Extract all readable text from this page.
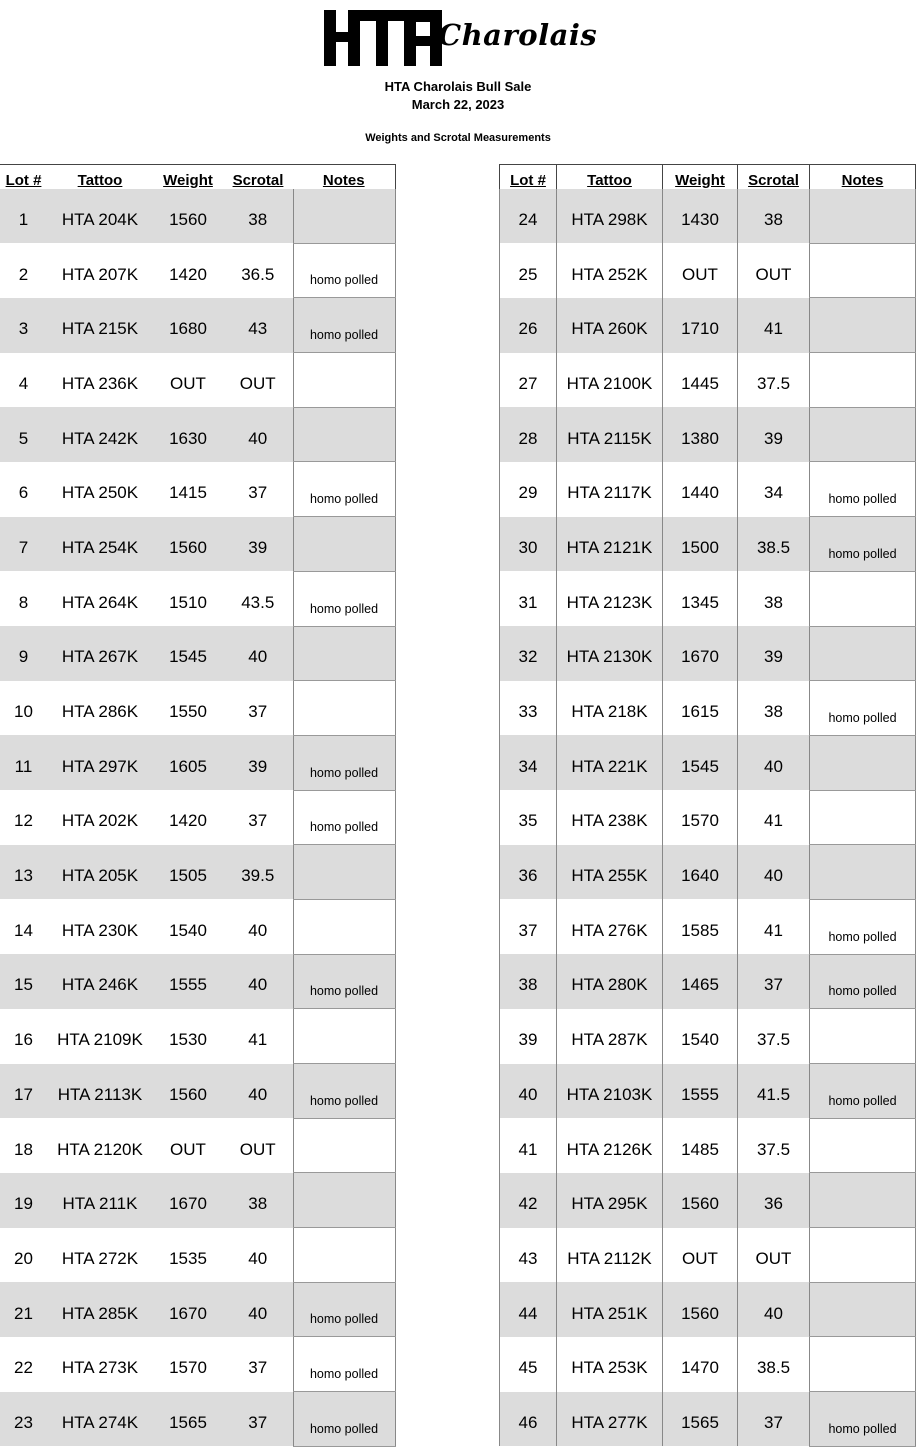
Charolais
HTA Charolais Bull Sale
March 22, 2023
Weights and Scrotal Measurements
Lot #	Tattoo	Weight	Scrotal	Notes
1	HTA 204K	1560	38	
2	HTA 207K	1420	36.5	homo polled
3	HTA 215K	1680	43	homo polled
4	HTA 236K	OUT	OUT	
5	HTA 242K	1630	40	
6	HTA 250K	1415	37	homo polled
7	HTA 254K	1560	39	
8	HTA 264K	1510	43.5	homo polled
9	HTA 267K	1545	40	
10	HTA 286K	1550	37	
11	HTA 297K	1605	39	homo polled
12	HTA 202K	1420	37	homo polled
13	HTA 205K	1505	39.5	
14	HTA 230K	1540	40	
15	HTA 246K	1555	40	homo polled
16	HTA 2109K	1530	41	
17	HTA 2113K	1560	40	homo polled
18	HTA 2120K	OUT	OUT	
19	HTA 211K	1670	38	
20	HTA 272K	1535	40	
21	HTA 285K	1670	40	homo polled
22	HTA 273K	1570	37	homo polled
23	HTA 274K	1565	37	homo polled
Lot #	Tattoo	Weight	Scrotal	Notes
24	HTA 298K	1430	38	
25	HTA 252K	OUT	OUT	
26	HTA 260K	1710	41	
27	HTA 2100K	1445	37.5	
28	HTA 2115K	1380	39	
29	HTA 2117K	1440	34	homo polled
30	HTA 2121K	1500	38.5	homo polled
31	HTA 2123K	1345	38	
32	HTA 2130K	1670	39	
33	HTA 218K	1615	38	homo polled
34	HTA 221K	1545	40	
35	HTA 238K	1570	41	
36	HTA 255K	1640	40	
37	HTA 276K	1585	41	homo polled
38	HTA 280K	1465	37	homo polled
39	HTA 287K	1540	37.5	
40	HTA 2103K	1555	41.5	homo polled
41	HTA 2126K	1485	37.5	
42	HTA 295K	1560	36	
43	HTA 2112K	OUT	OUT	
44	HTA 251K	1560	40	
45	HTA 253K	1470	38.5	
46	HTA 277K	1565	37	homo polled
